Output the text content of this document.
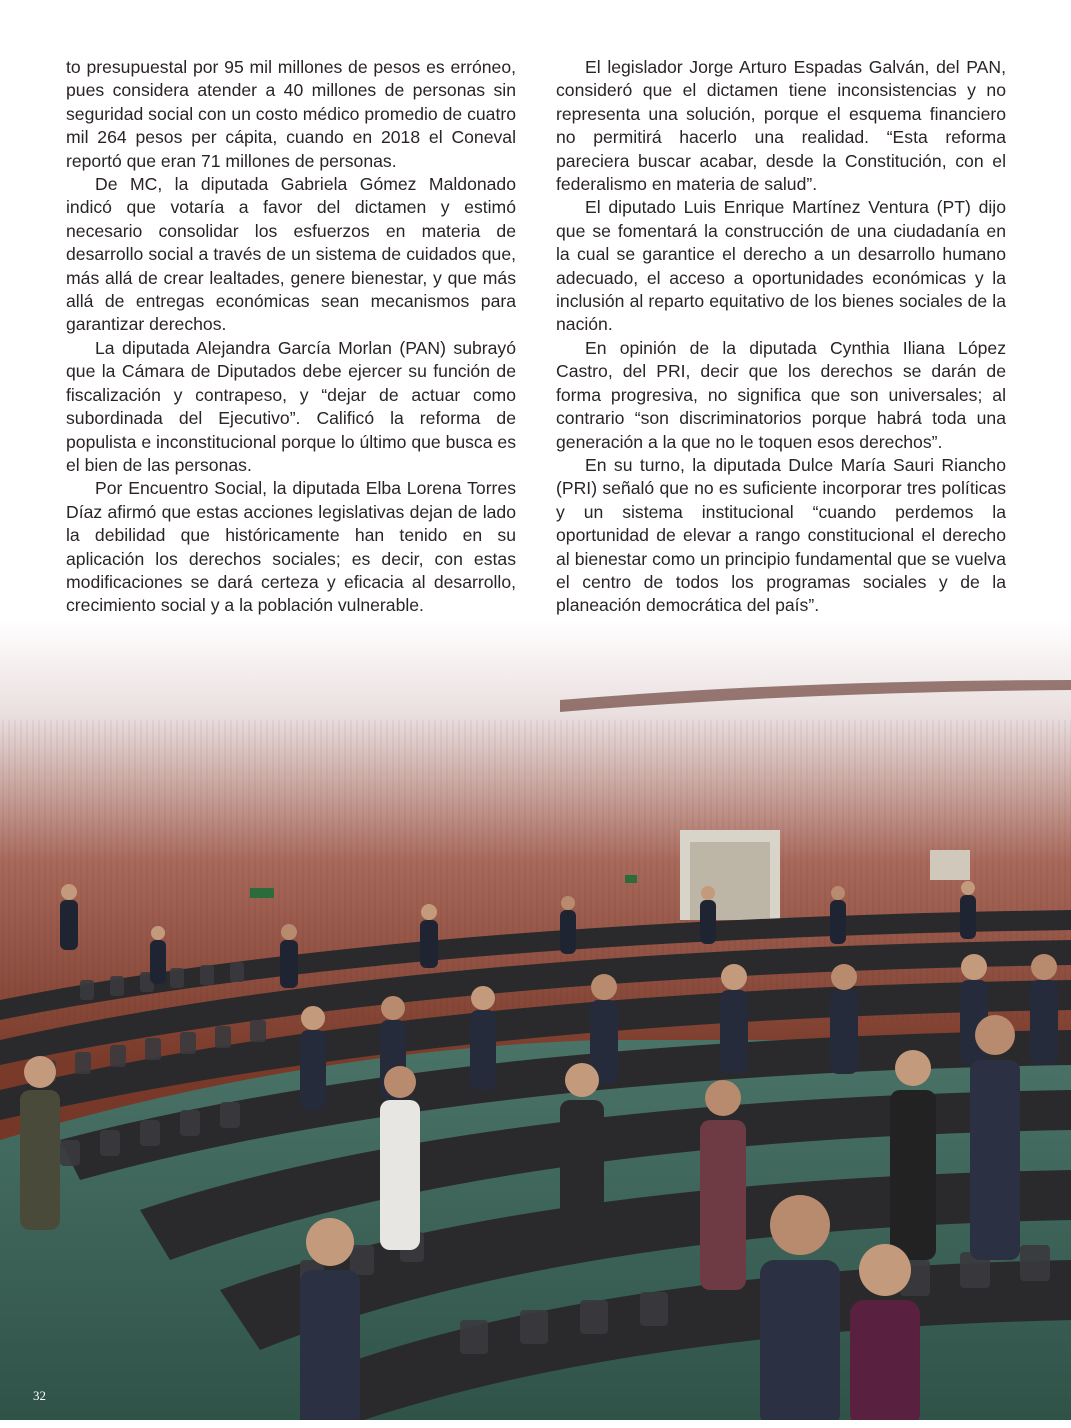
to presupuestal por 95 mil millones de pesos es erróneo, pues considera atender a 40 millones de personas sin seguridad social con un costo médico promedio de cuatro mil 264 pesos per cápita, cuando en 2018 el Coneval reportó que eran 71 millones de personas.

De MC, la diputada Gabriela Gómez Maldonado indicó que votaría a favor del dictamen y estimó necesario consolidar los esfuerzos en materia de desarrollo social a través de un sistema de cuidados que, más allá de crear lealtades, genere bienestar, y que más allá de entregas económicas sean mecanismos para garantizar derechos.

La diputada Alejandra García Morlan (PAN) subrayó que la Cámara de Diputados debe ejercer su función de fiscalización y contrapeso, y “dejar de actuar como subordinada del Ejecutivo”. Calificó la reforma de populista e inconstitucional porque lo último que busca es el bien de las personas.

Por Encuentro Social, la diputada Elba Lorena Torres Díaz afirmó que estas acciones legislativas dejan de lado la debilidad que históricamente han tenido en su aplicación los derechos sociales; es decir, con estas modificaciones se dará certeza y eficacia al desarrollo, crecimiento social y a la población vulnerable.

El legislador Jorge Arturo Espadas Galván, del PAN, consideró que el dictamen tiene inconsistencias y no representa una solución, porque el esquema financiero no permitirá hacerlo una realidad. “Esta reforma pareciera buscar acabar, desde la Constitución, con el federalismo en materia de salud”.

El diputado Luis Enrique Martínez Ventura (PT) dijo que se fomentará la construcción de una ciudadanía en la cual se garantice el derecho a un desarrollo humano adecuado, el acceso a oportunidades económicas y la inclusión al reparto equitativo de los bienes sociales de la nación.

En opinión de la diputada Cynthia Iliana López Castro, del PRI, decir que los derechos se darán de forma progresiva, no significa que son universales; al contrario “son discriminatorios porque habrá toda una generación a la que no le toquen esos derechos”.

En su turno, la diputada Dulce María Sauri Riancho (PRI) señaló que no es suficiente incorporar tres políticas y un sistema institucional “cuando perdemos la oportunidad de elevar a rango constitucional el derecho al bienestar como un principio fundamental que se vuelva el centro de todos los programas sociales y de la planeación democrática del país”.

32
